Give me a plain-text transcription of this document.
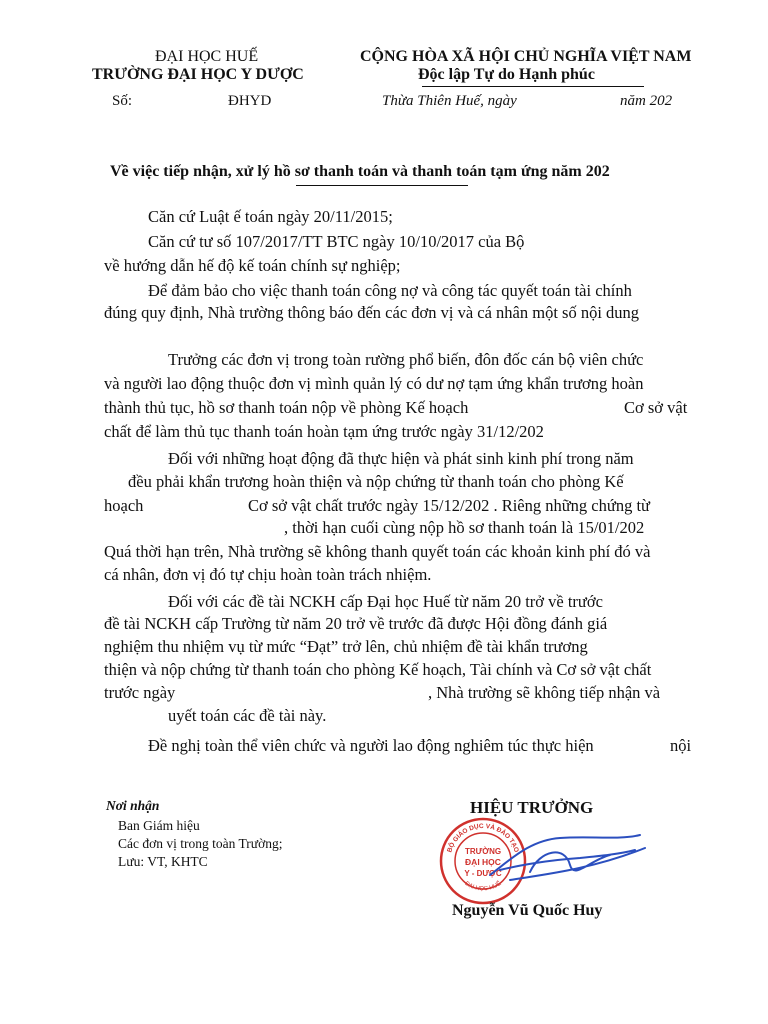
ĐẠI HỌC HUẾ
TRƯỜNG ĐẠI HỌC Y DƯỢC
CỘNG HÒA XÃ HỘI CHỦ NGHĨA VIỆT NAM
Độc lập Tự do Hạnh phúc
Số:	ĐHYD	Thừa Thiên Huế, ngày	năm 202
Về việc tiếp nhận, xử lý hồ sơ thanh toán và thanh toán tạm ứng năm 202
Căn cứ Luật ế toán ngày 20/11/2015;
Căn cứ tư số 107/2017/TT BTC ngày 10/10/2017 của Bộ
về hướng dẫn hế độ kế toán chính sự nghiệp;
Để đảm bảo cho việc thanh toán công nợ và công tác quyết toán tài chính
đúng quy định, Nhà trường thông báo đến các đơn vị và cá nhân một số nội dung
Trưởng các đơn vị trong toàn rường phổ biến, đôn đốc cán bộ viên chức
và người lao động thuộc đơn vị mình quản lý có dư nợ tạm ứng khẩn trương hoàn
thành thủ tục, hồ sơ thanh toán nộp về phòng Kế hoạch	Cơ sở vật
chất để làm thủ tục thanh toán hoàn tạm ứng trước ngày 31/12/202
Đối với những hoạt động đã thực hiện và phát sinh kinh phí trong năm
đều phải khẩn trương hoàn thiện và nộp chứng từ thanh toán cho phòng Kế
hoạch	Cơ sở vật chất trước ngày 15/12/202 . Riêng những chứng từ
, thời hạn cuối cùng nộp hồ sơ thanh toán là 15/01/202
Quá thời hạn trên, Nhà trường sẽ không thanh quyết toán các khoản kinh phí đó và
cá nhân, đơn vị đó tự chịu hoàn toàn trách nhiệm.
Đối với các đề tài NCKH cấp Đại học Huế từ năm 20 trở về trước
đề tài NCKH cấp Trường từ năm 20 trở về trước đã được Hội đồng đánh giá
nghiệm thu nhiệm vụ từ mức “Đạt” trở lên, chủ nhiệm đề tài khẩn trương
thiện và nộp chứng từ thanh toán cho phòng Kế hoạch, Tài chính và Cơ sở vật chất
trước ngày	, Nhà trường sẽ không tiếp nhận và
uyết toán các đề tài này.
Đề nghị toàn thể viên chức và người lao động nghiêm túc thực hiện	nội
Nơi nhận
Ban Giám hiệu
Các đơn vị trong toàn Trường;
Lưu: VT, KHTC
HIỆU TRƯỞNG
BỘ GIÁO DỤC VÀ ĐÀO TẠO
ĐẠI HỌC HUẾ
TRƯỜNG
ĐẠI HỌC
Y - DƯỢC
Nguyễn Vũ Quốc Huy
